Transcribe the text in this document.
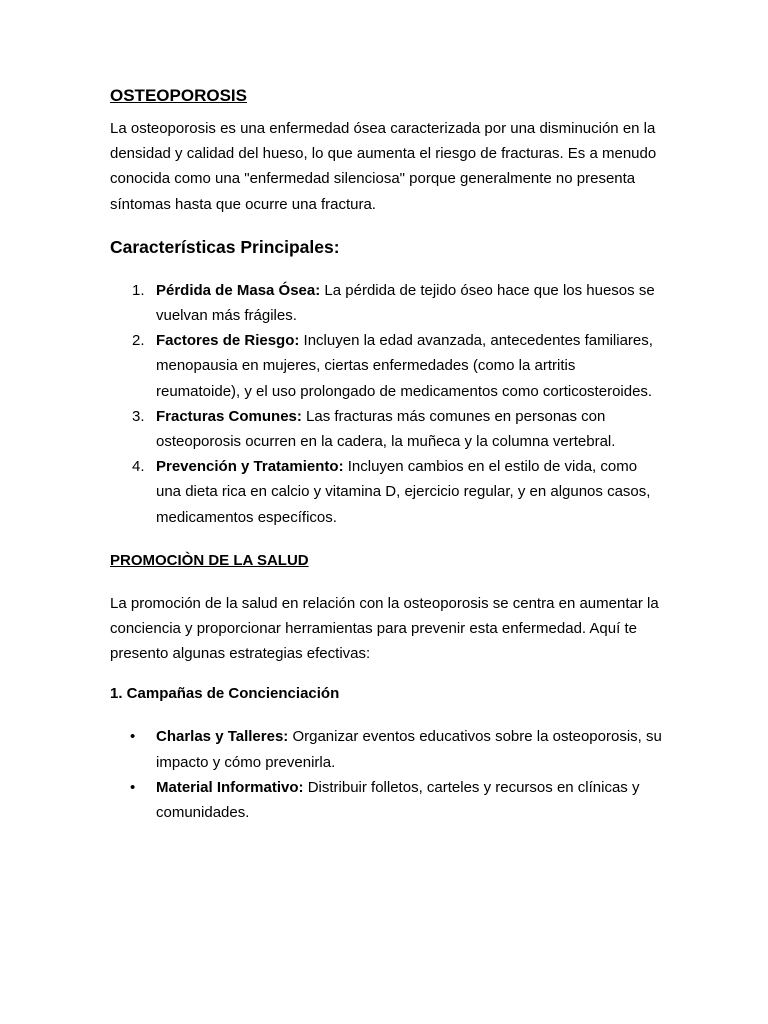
OSTEOPOROSIS

La osteoporosis es una enfermedad ósea caracterizada por una disminución en la densidad y calidad del hueso, lo que aumenta el riesgo de fracturas. Es a menudo conocida como una "enfermedad silenciosa" porque generalmente no presenta síntomas hasta que ocurre una fractura.

Características Principales:

1. Pérdida de Masa Ósea: La pérdida de tejido óseo hace que los huesos se vuelvan más frágiles.
2. Factores de Riesgo: Incluyen la edad avanzada, antecedentes familiares, menopausia en mujeres, ciertas enfermedades (como la artritis reumatoide), y el uso prolongado de medicamentos como corticosteroides.
3. Fracturas Comunes: Las fracturas más comunes en personas con osteoporosis ocurren en la cadera, la muñeca y la columna vertebral.
4. Prevención y Tratamiento: Incluyen cambios en el estilo de vida, como una dieta rica en calcio y vitamina D, ejercicio regular, y en algunos casos, medicamentos específicos.

PROMOCIÒN DE LA SALUD

La promoción de la salud en relación con la osteoporosis se centra en aumentar la conciencia y proporcionar herramientas para prevenir esta enfermedad. Aquí te presento algunas estrategias efectivas:

1. Campañas de Concienciación

• Charlas y Talleres: Organizar eventos educativos sobre la osteoporosis, su impacto y cómo prevenirla.
• Material Informativo: Distribuir folletos, carteles y recursos en clínicas y comunidades.
